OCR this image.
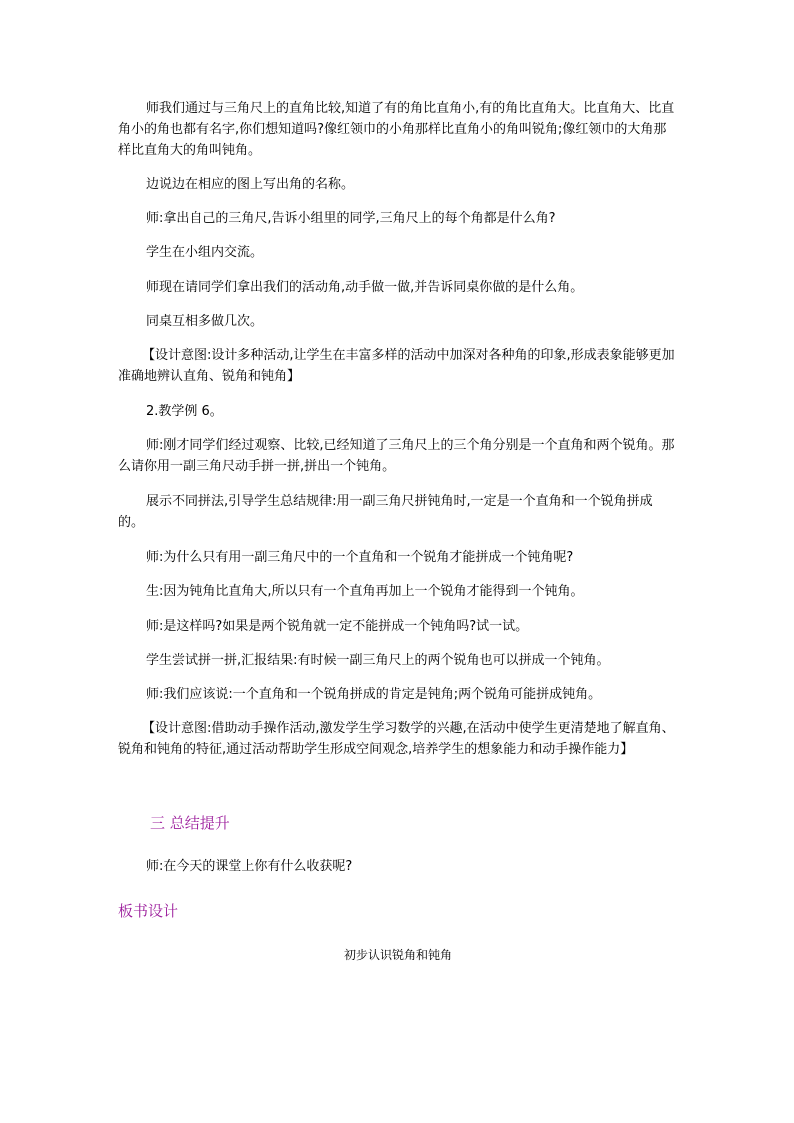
师我们通过与三角尺上的直角比较,知道了有的角比直角小,有的角比直角大。比直角大、比直角小的角也都有名字,你们想知道吗?像红领巾的小角那样比直角小的角叫锐角;像红领巾的大角那样比直角大的角叫钝角。

边说边在相应的图上写出角的名称。

师:拿出自己的三角尺,告诉小组里的同学,三角尺上的每个角都是什么角?

学生在小组内交流。

师现在请同学们拿出我们的活动角,动手做一做,并告诉同桌你做的是什么角。

同桌互相多做几次。

【设计意图:设计多种活动,让学生在丰富多样的活动中加深对各种角的印象,形成表象能够更加准确地辨认直角、锐角和钝角】

2.教学例 6。

师:刚才同学们经过观察、比较,已经知道了三角尺上的三个角分别是一个直角和两个锐角。那么请你用一副三角尺动手拼一拼,拼出一个钝角。

展示不同拼法,引导学生总结规律:用一副三角尺拼钝角时,一定是一个直角和一个锐角拼成的。

师:为什么只有用一副三角尺中的一个直角和一个锐角才能拼成一个钝角呢?

生:因为钝角比直角大,所以只有一个直角再加上一个锐角才能得到一个钝角。

师:是这样吗?如果是两个锐角就一定不能拼成一个钝角吗?试一试。

学生尝试拼一拼,汇报结果:有时候一副三角尺上的两个锐角也可以拼成一个钝角。

师:我们应该说:一个直角和一个锐角拼成的肯定是钝角;两个锐角可能拼成钝角。

【设计意图:借助动手操作活动,激发学生学习数学的兴趣,在活动中使学生更清楚地了解直角、锐角和钝角的特征,通过活动帮助学生形成空间观念,培养学生的想象能力和动手操作能力】

三 总结提升

师:在今天的课堂上你有什么收获呢?

板书设计

初步认识锐角和钝角
